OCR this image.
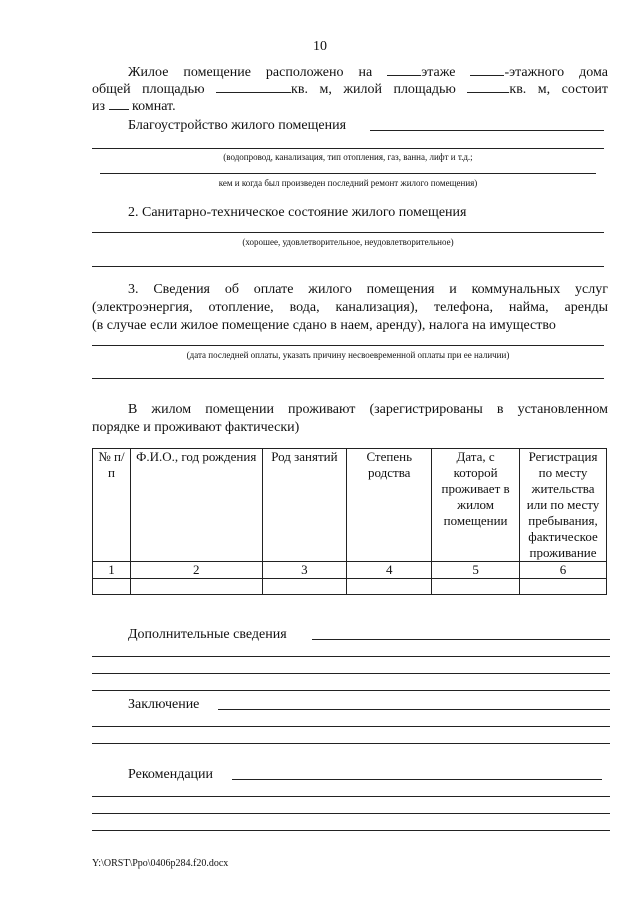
10
Жилое помещение расположено на	этаже	-этажного дома
общей площадью	кв. м, жилой площадью	кв. м, состоит
из комнат.
Благоустройство жилого помещения
(водопровод, канализация, тип отопления, газ, ванна, лифт и т.д.;
кем и когда был произведен последний ремонт жилого помещения)
2. Санитарно-техническое состояние жилого помещения
(хорошее, удовлетворительное, неудовлетворительное)
3. Сведения об оплате жилого помещения и коммунальных услуг
(электроэнергия, отопление, вода, канализация), телефона, найма, аренды
(в случае если жилое помещение сдано в наем, аренду), налога на имущество
(дата последней оплаты, указать причину несвоевременной оплаты при ее наличии)
В жилом помещении проживают (зарегистрированы в установленном
порядке и проживают фактически)
№ п/п	Ф.И.О., год рождения	Род занятий	Степень родства	Дата, с которой проживает в жилом помещении	Регистрация по месту жительства или по месту пребывания, фактическое проживание
1	2	3	4	5	6

Дополнительные сведения
Заключение
Рекомендации
Y:\ORST\Ppo\0406p284.f20.docx
